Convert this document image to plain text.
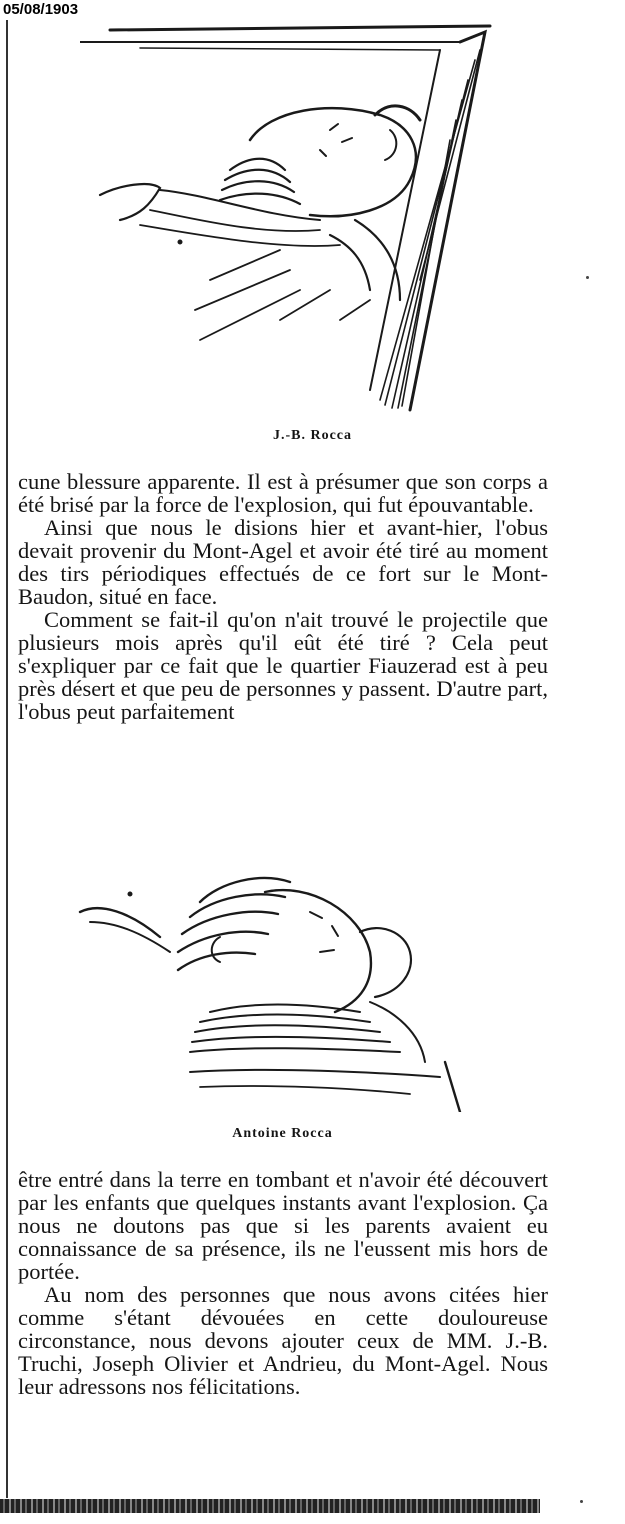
05/08/1903
J.-B. Rocca

cune blessure apparente. Il est à présumer que son corps a été brisé par la force de l'explosion, qui fut épouvantable.

Ainsi que nous le disions hier et avant-hier, l'obus devait provenir du Mont-Agel et avoir été tiré au moment des tirs périodiques effectués de ce fort sur le Mont-Baudon, situé en face.

Comment se fait-il qu'on n'ait trouvé le projectile que plusieurs mois après qu'il eût été tiré ? Cela peut s'expliquer par ce fait que le quartier Fiauzerad est à peu près désert et que peu de personnes y passent. D'autre part, l'obus peut parfaitement

Antoine Rocca

être entré dans la terre en tombant et n'avoir été découvert par les enfants que quelques instants avant l'explosion. Ça nous ne doutons pas que si les parents avaient eu connaissance de sa présence, ils ne l'eussent mis hors de portée.

Au nom des personnes que nous avons citées hier comme s'étant dévouées en cette douloureuse circonstance, nous devons ajouter ceux de MM. J.-B. Truchi, Joseph Olivier et Andrieu, du Mont-Agel. Nous leur adressons nos félicitations.
